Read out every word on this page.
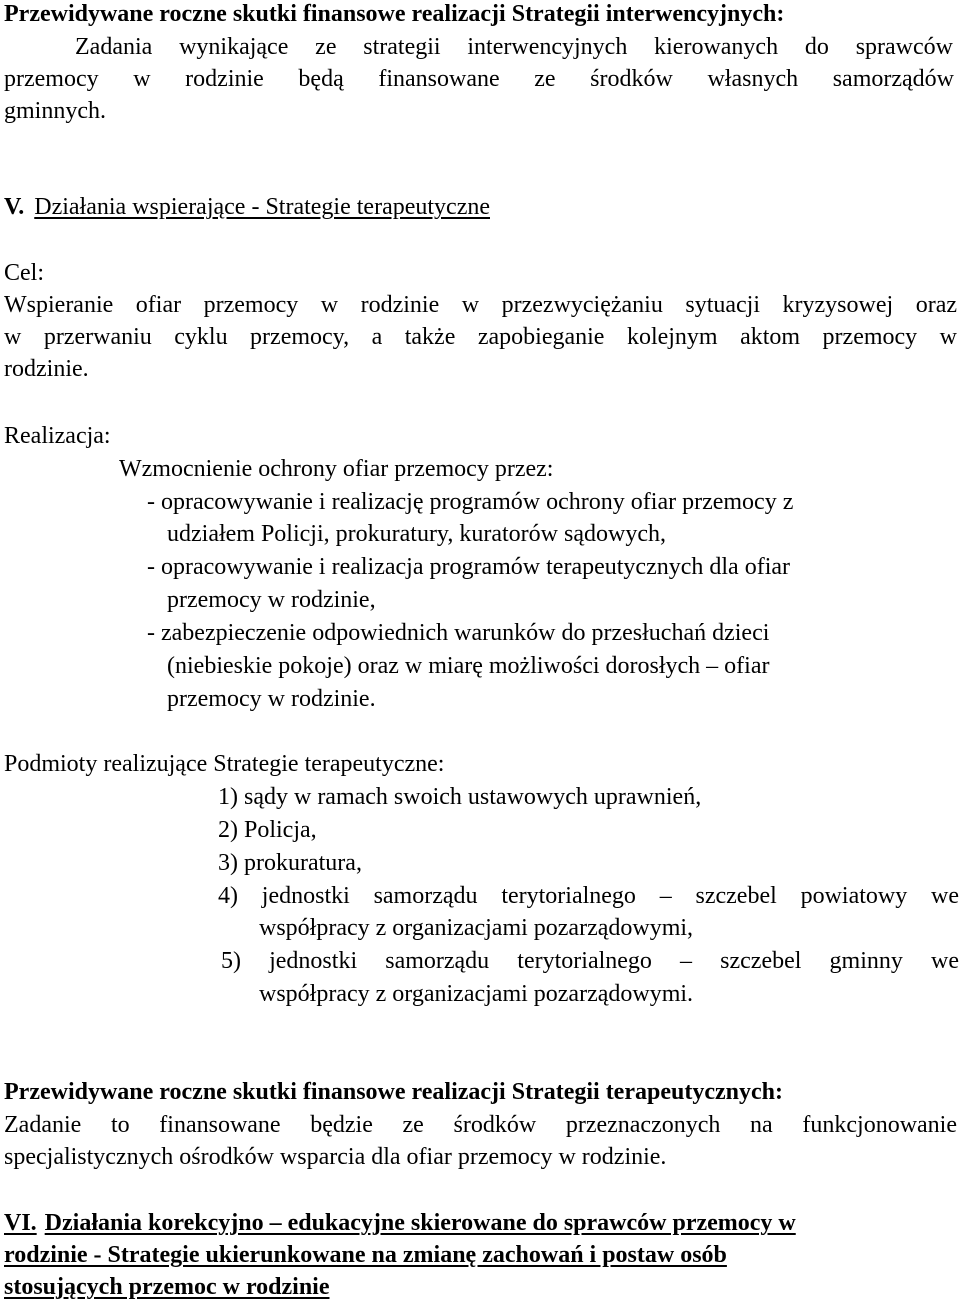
Przewidywane roczne skutki finansowe realizacji Strategii interwencyjnych:
Zadania wynikające ze strategii interwencyjnych kierowanych do sprawców
przemocy w rodzinie będą finansowane ze środków własnych samorządów
gminnych.
V. Działania wspierające - Strategie terapeutyczne
Cel:
Wspieranie ofiar przemocy w rodzinie w przezwyciężaniu sytuacji kryzysowej oraz
w przerwaniu cyklu przemocy, a także zapobieganie kolejnym aktom przemocy w
rodzinie.
Realizacja:
Wzmocnienie ochrony ofiar przemocy przez:
- opracowywanie i realizację programów ochrony ofiar przemocy z
udziałem Policji, prokuratury, kuratorów sądowych,
- opracowywanie i realizacja programów terapeutycznych dla ofiar
przemocy w rodzinie,
- zabezpieczenie odpowiednich warunków do przesłuchań dzieci
(niebieskie pokoje) oraz w miarę możliwości dorosłych – ofiar
przemocy w rodzinie.
Podmioty realizujące Strategie terapeutyczne:
1) sądy w ramach swoich ustawowych uprawnień,
2) Policja,
3) prokuratura,
4) jednostki samorządu terytorialnego – szczebel powiatowy we
współpracy z organizacjami pozarządowymi,
5) jednostki samorządu terytorialnego – szczebel gminny we
współpracy z organizacjami pozarządowymi.
Przewidywane roczne skutki finansowe realizacji Strategii terapeutycznych:
Zadanie to finansowane będzie ze środków przeznaczonych na funkcjonowanie
specjalistycznych ośrodków wsparcia dla ofiar przemocy w rodzinie.
VI. Działania korekcyjno – edukacyjne skierowane do sprawców przemocy w
rodzinie - Strategie ukierunkowane na zmianę zachowań i postaw osób
stosujących przemoc w rodzinie
